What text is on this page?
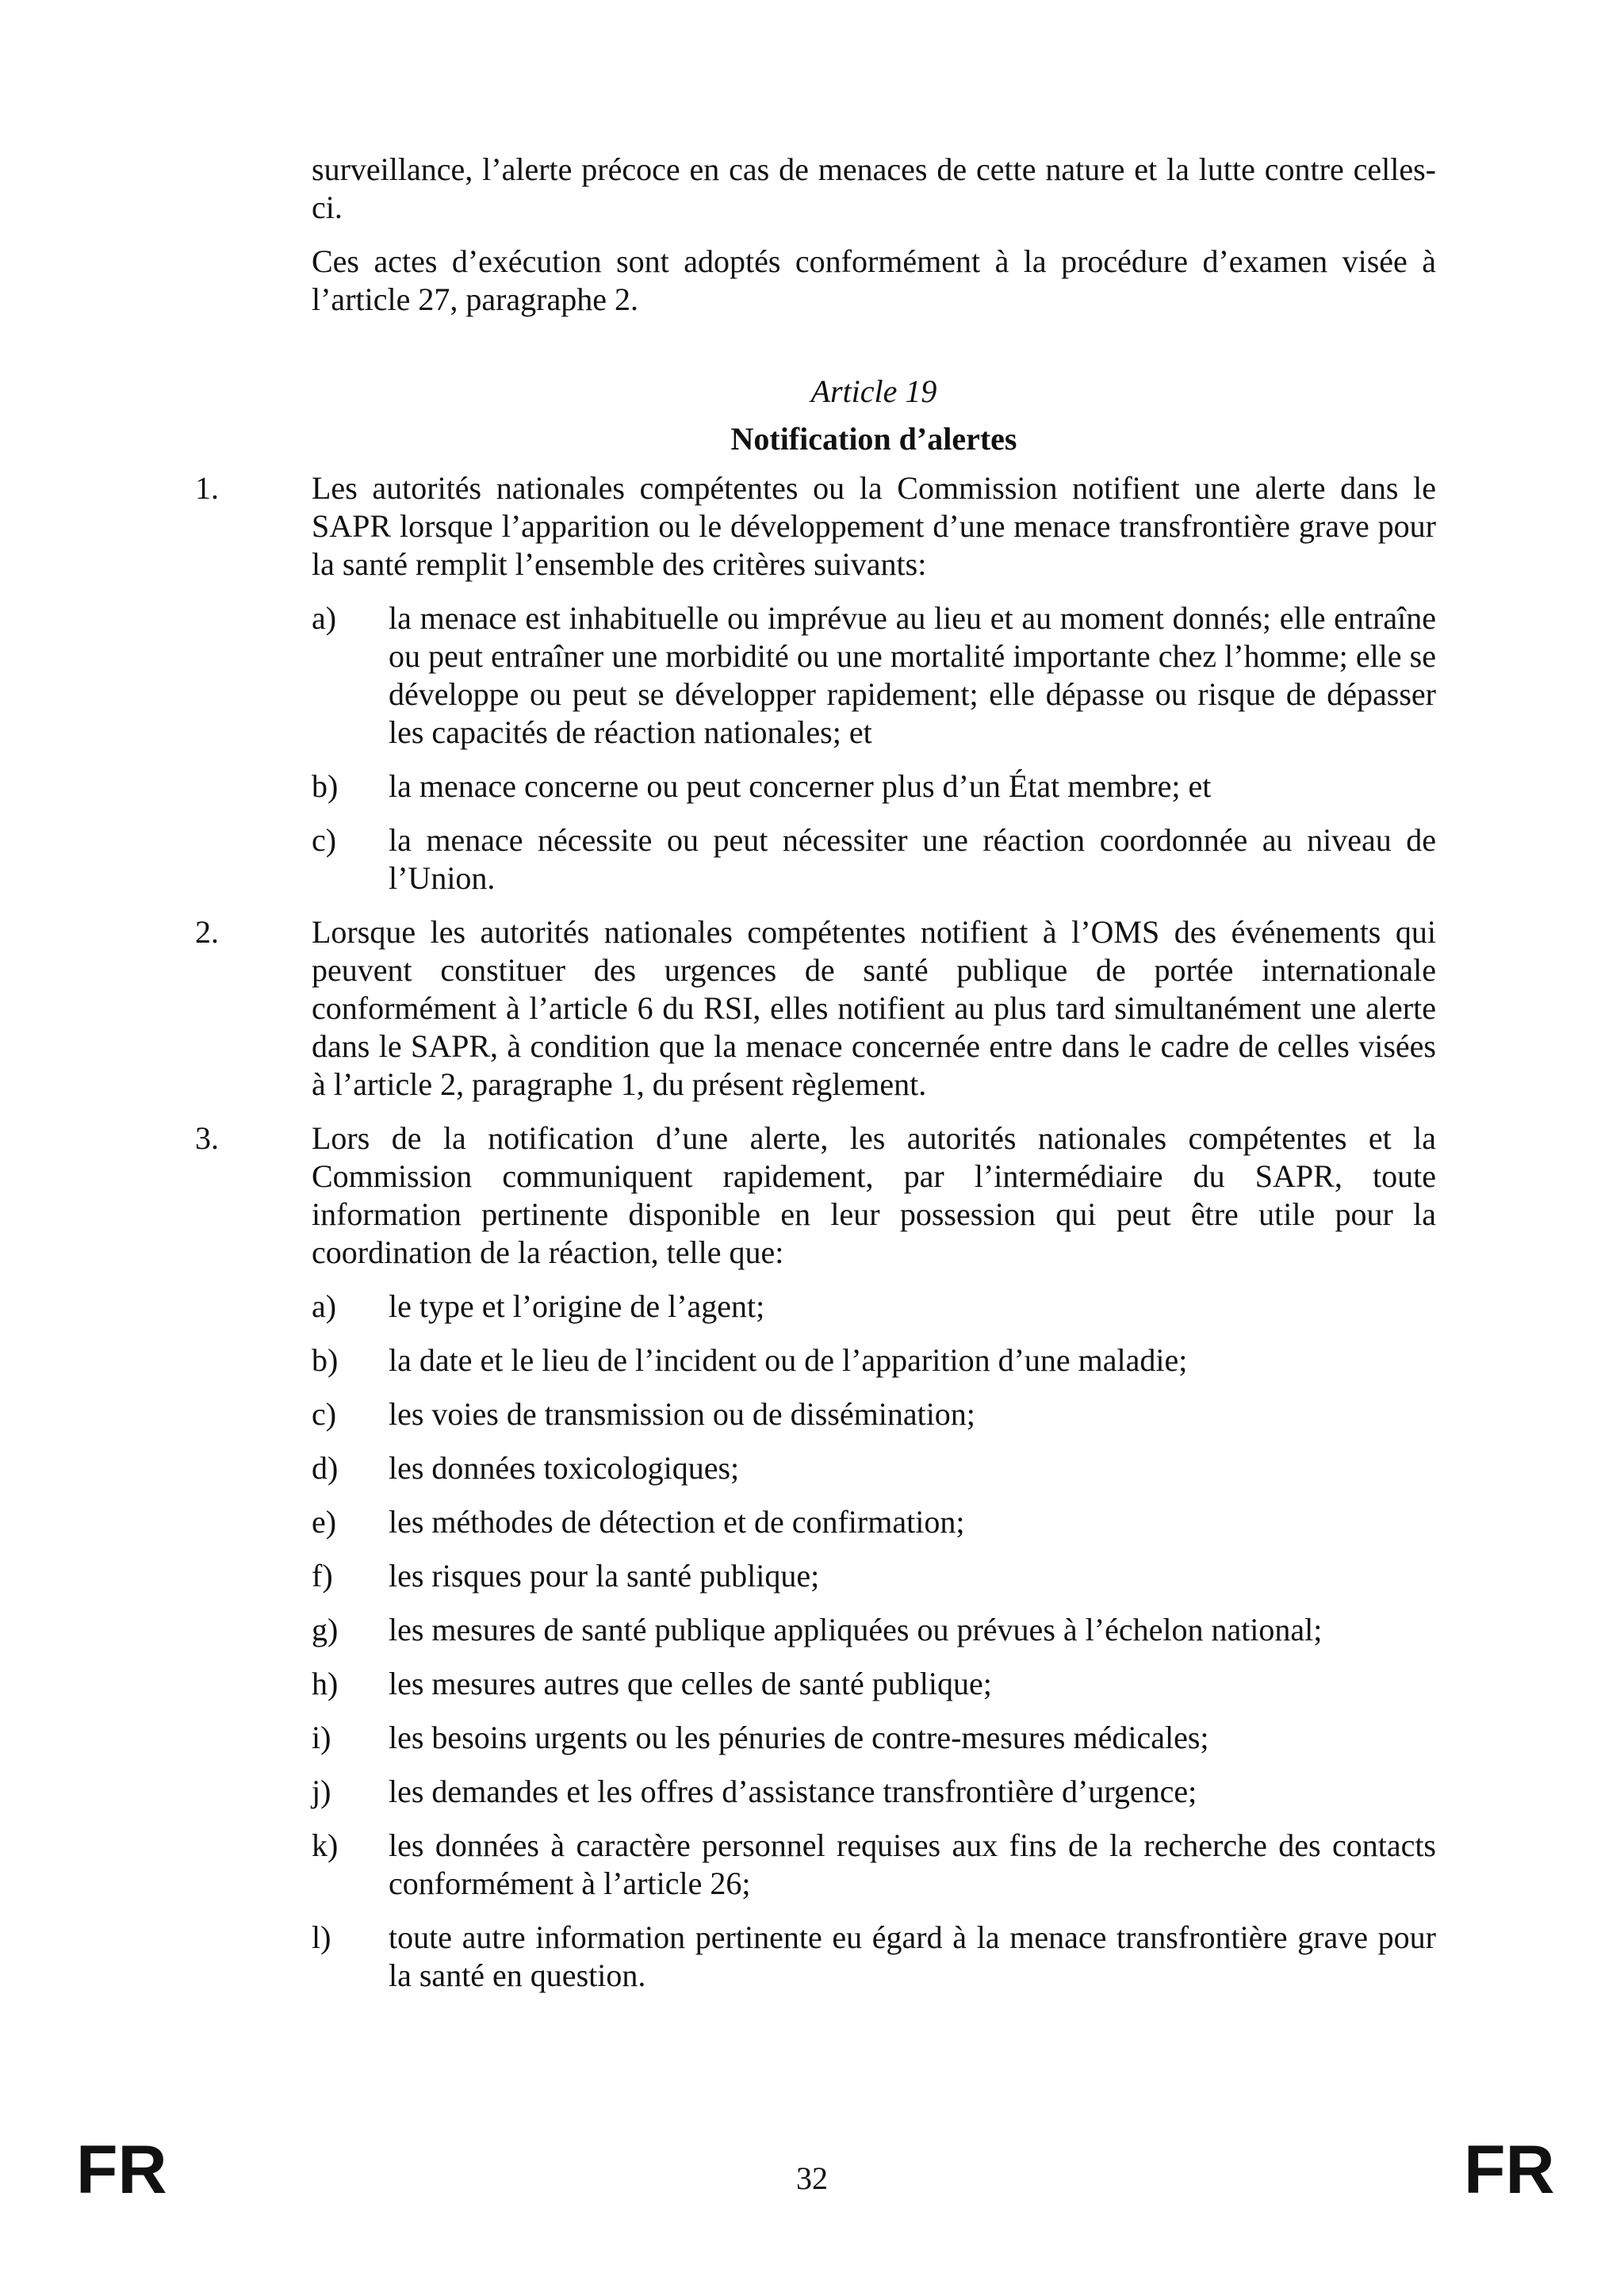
surveillance, l’alerte précoce en cas de menaces de cette nature et la lutte contre celles-ci.

Ces actes d’exécution sont adoptés conformément à la procédure d’examen visée à l’article 27, paragraphe 2.

Article 19
Notification d’alertes
1.	Les autorités nationales compétentes ou la Commission notifient une alerte dans le SAPR lorsque l’apparition ou le développement d’une menace transfrontière grave pour la santé remplit l’ensemble des critères suivants:
a) la menace est inhabituelle ou imprévue au lieu et au moment donnés; elle entraîne ou peut entraîner une morbidité ou une mortalité importante chez l’homme; elle se développe ou peut se développer rapidement; elle dépasse ou risque de dépasser les capacités de réaction nationales; et
b) la menace concerne ou peut concerner plus d’un État membre; et
c) la menace nécessite ou peut nécessiter une réaction coordonnée au niveau de l’Union.
2.	Lorsque les autorités nationales compétentes notifient à l’OMS des événements qui peuvent constituer des urgences de santé publique de portée internationale conformément à l’article 6 du RSI, elles notifient au plus tard simultanément une alerte dans le SAPR, à condition que la menace concernée entre dans le cadre de celles visées à l’article 2, paragraphe 1, du présent règlement.
3.	Lors de la notification d’une alerte, les autorités nationales compétentes et la Commission communiquent rapidement, par l’intermédiaire du SAPR, toute information pertinente disponible en leur possession qui peut être utile pour la coordination de la réaction, telle que:
a) le type et l’origine de l’agent;
b) la date et le lieu de l’incident ou de l’apparition d’une maladie;
c) les voies de transmission ou de dissémination;
d) les données toxicologiques;
e) les méthodes de détection et de confirmation;
f) les risques pour la santé publique;
g) les mesures de santé publique appliquées ou prévues à l’échelon national;
h) les mesures autres que celles de santé publique;
i) les besoins urgents ou les pénuries de contre-mesures médicales;
j) les demandes et les offres d’assistance transfrontière d’urgence;
k) les données à caractère personnel requises aux fins de la recherche des contacts conformément à l’article 26;
l) toute autre information pertinente eu égard à la menace transfrontière grave pour la santé en question.
FR	32	FR
